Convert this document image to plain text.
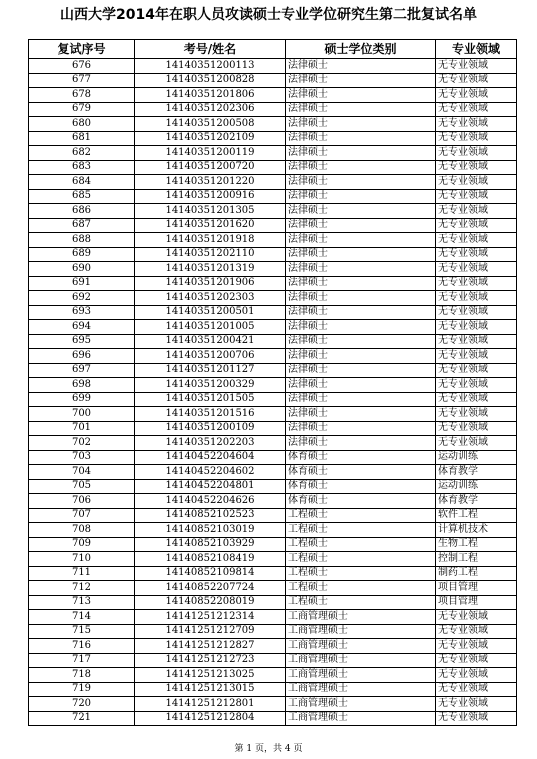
山西大学2014年在职人员攻读硕士专业学位研究生第二批复试名单
复试序号	考号/姓名	硕士学位类别	专业领域
676	14140351200113	法律硕士	无专业领域
677	14140351200828	法律硕士	无专业领域
678	14140351201806	法律硕士	无专业领域
679	14140351202306	法律硕士	无专业领域
680	14140351200508	法律硕士	无专业领域
681	14140351202109	法律硕士	无专业领域
682	14140351200119	法律硕士	无专业领域
683	14140351200720	法律硕士	无专业领域
684	14140351201220	法律硕士	无专业领域
685	14140351200916	法律硕士	无专业领域
686	14140351201305	法律硕士	无专业领域
687	14140351201620	法律硕士	无专业领域
688	14140351201918	法律硕士	无专业领域
689	14140351202110	法律硕士	无专业领域
690	14140351201319	法律硕士	无专业领域
691	14140351201906	法律硕士	无专业领域
692	14140351202303	法律硕士	无专业领域
693	14140351200501	法律硕士	无专业领域
694	14140351201005	法律硕士	无专业领域
695	14140351200421	法律硕士	无专业领域
696	14140351200706	法律硕士	无专业领域
697	14140351201127	法律硕士	无专业领域
698	14140351200329	法律硕士	无专业领域
699	14140351201505	法律硕士	无专业领域
700	14140351201516	法律硕士	无专业领域
701	14140351200109	法律硕士	无专业领域
702	14140351202203	法律硕士	无专业领域
703	14140452204604	体育硕士	运动训练
704	14140452204602	体育硕士	体育教学
705	14140452204801	体育硕士	运动训练
706	14140452204626	体育硕士	体育教学
707	14140852102523	工程硕士	软件工程
708	14140852103019	工程硕士	计算机技术
709	14140852103929	工程硕士	生物工程
710	14140852108419	工程硕士	控制工程
711	14140852109814	工程硕士	制药工程
712	14140852207724	工程硕士	项目管理
713	14140852208019	工程硕士	项目管理
714	14141251212314	工商管理硕士	无专业领域
715	14141251212709	工商管理硕士	无专业领域
716	14141251212827	工商管理硕士	无专业领域
717	14141251212723	工商管理硕士	无专业领域
718	14141251213025	工商管理硕士	无专业领域
719	14141251213015	工商管理硕士	无专业领域
720	14141251212801	工商管理硕士	无专业领域
721	14141251212804	工商管理硕士	无专业领域
第 1 页，共 4 页
